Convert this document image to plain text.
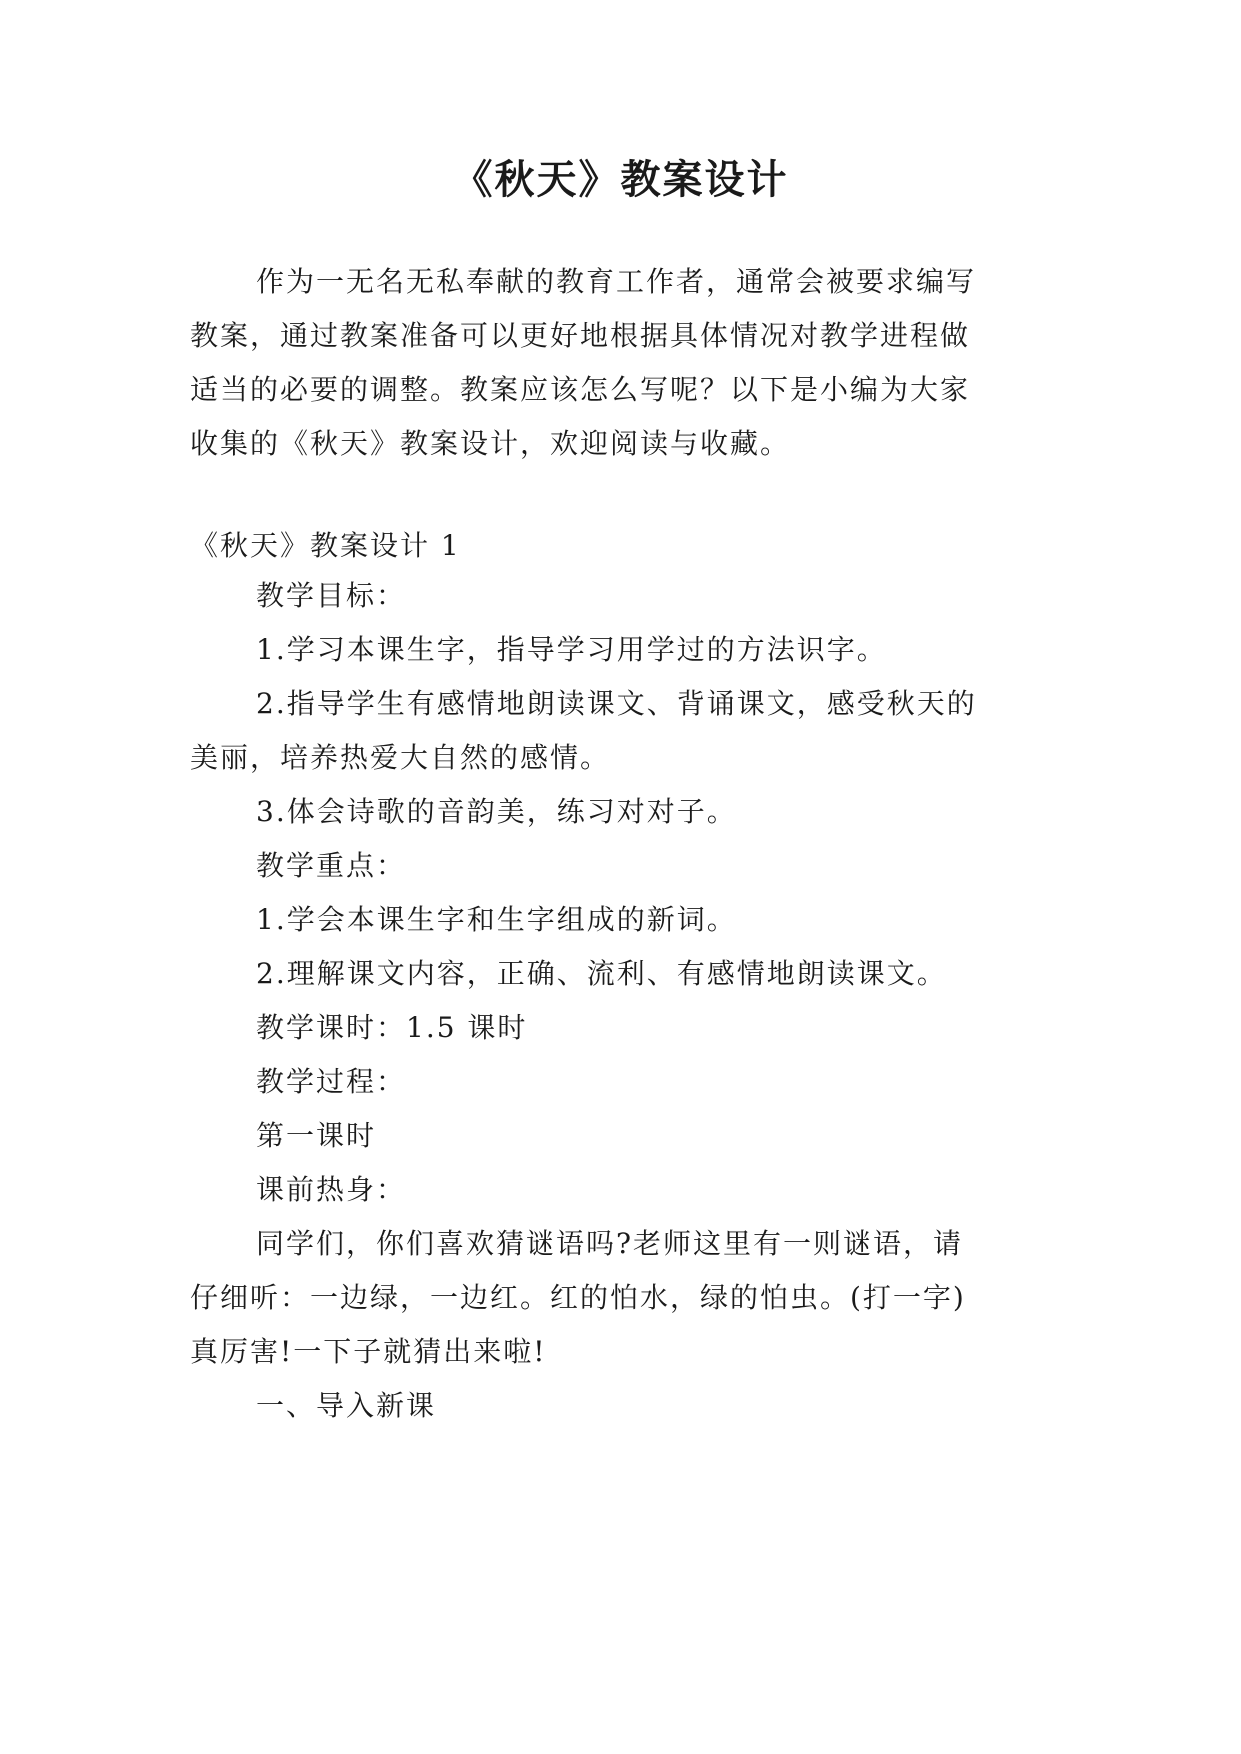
《秋天》教案设计
作为一无名无私奉献的教育工作者，通常会被要求编写
教案，通过教案准备可以更好地根据具体情况对教学进程做
适当的必要的调整。教案应该怎么写呢？以下是小编为大家
收集的《秋天》教案设计，欢迎阅读与收藏。
《秋天》教案设计 1
教学目标：
1.学习本课生字，指导学习用学过的方法识字。
2.指导学生有感情地朗读课文、背诵课文，感受秋天的
美丽，培养热爱大自然的感情。
3.体会诗歌的音韵美，练习对对子。
教学重点：
1.学会本课生字和生字组成的新词。
2.理解课文内容，正确、流利、有感情地朗读课文。
教学课时：1.5 课时
教学过程：
第一课时
课前热身：
同学们，你们喜欢猜谜语吗?老师这里有一则谜语，请
仔细听：一边绿，一边红。红的怕水，绿的怕虫。(打一字)
真厉害!一下子就猜出来啦!
一、导入新课
